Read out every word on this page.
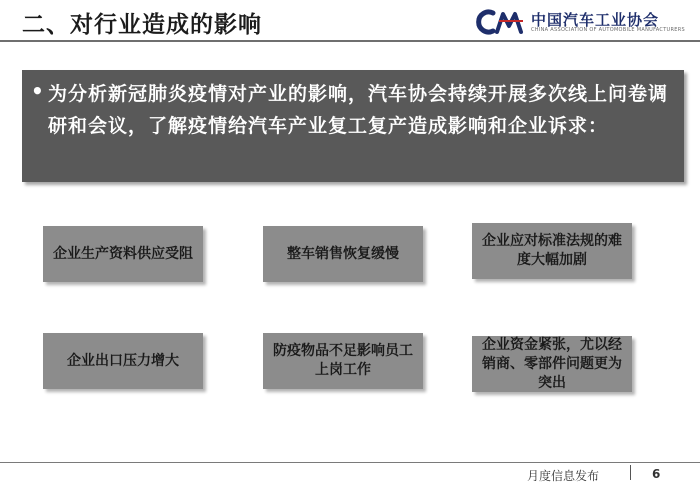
二、对行业造成的影响	中国汽车工业协会
CHINA ASSOCIATION OF AUTOMOBILE MANUFACTURERS
• 为分析新冠肺炎疫情对产业的影响，汽车协会持续开展多次线上问卷调研和会议，了解疫情给汽车产业复工复产造成影响和企业诉求：
企业生产资料供应受阻	整车销售恢复缓慢
企业应对标准法规的难度大幅加剧
企业出口压力增大
防疫物品不足影响员工上岗工作
企业资金紧张，尤以经销商、零部件问题更为突出
月度信息发布	6
